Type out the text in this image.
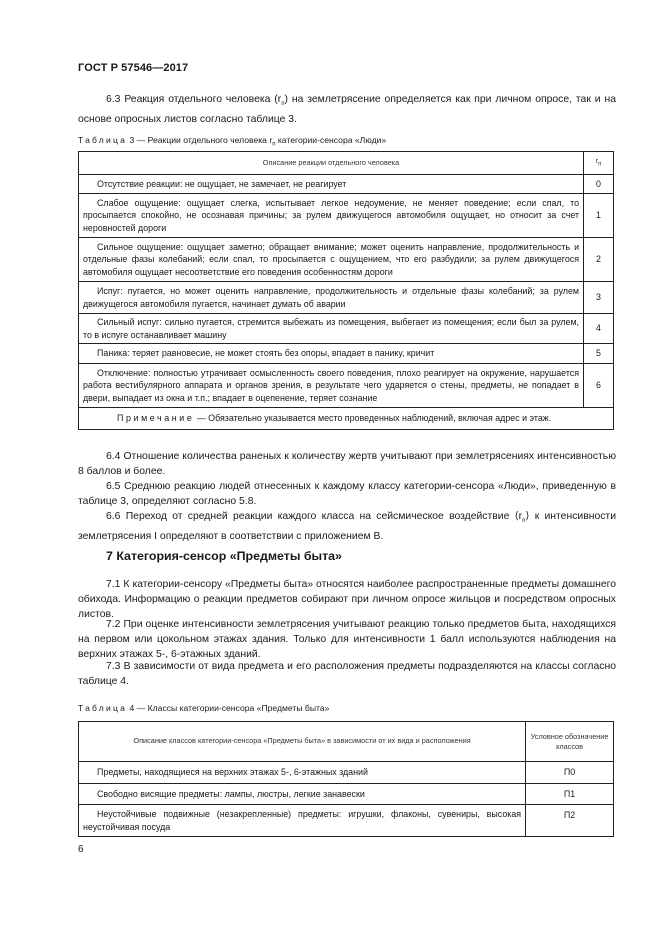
ГОСТ Р 57546—2017
6.3 Реакция отдельного человека $(r_п)$ на землетрясение определяется как при личном опросе, так и на основе опросных листов согласно таблице 3.
Таблица 3 — Реакции отдельного человека $r_п$ категории-сенсора «Люди»
Описание реакции отдельного человека	$r_п$

Отсутствие реакции: не ощущает, не замечает, не реагирует	0

Слабое ощущение: ощущает слегка, испытывает легкое недоумение, не меняет поведение; если спал, то просыпается спокойно, не осознавая причины; за рулем движущегося автомобиля ощущает, но относит за счет неровностей дороги	1

Сильное ощущение: ощущает заметно; обращает внимание; может оценить направление, продолжительность и отдельные фазы колебаний; если спал, то просыпается с ощущением, что его разбудили; за рулем движущегося автомобиля ощущает несоответствие его поведения особенностям дороги	2

Испуг: пугается, но может оценить направление, продолжительность и отдельные фазы колебаний; за рулем движущегося автомобиля пугается, начинает думать об аварии	3

Сильный испуг: сильно пугается, стремится выбежать из помещения, выбегает из помещения; если был за рулем, то в испуге останавливает машину	4

Паника: теряет равновесие, не может стоять без опоры, впадает в панику, кричит	5

Отключение: полностью утрачивает осмысленность своего поведения, плохо реагирует на окружение, нарушается работа вестибулярного аппарата и органов зрения, в результате чего ударяется о стены, предметы, не попадает в двери, выпадает из окна и т.п.; впадает в оцепенение, теряет сознание	6
Примечание — Обязательно указывается место проведенных наблюдений, включая адрес и этаж.	
6.4 Отношение количества раненых к количеству жертв учитывают при землетрясениях интенсивностью 8 баллов и более.
6.5 Среднюю реакцию людей отнесенных к каждому классу категории-сенсора «Люди», приведенную в таблице 3, определяют согласно 5.8.
6.6 Переход от средней реакции каждого класса на сейсмическое воздействие $⟨r_п⟩$ к интенсивности землетрясения I определяют в соответствии с приложением В.
7 Категория-сенсор «Предметы быта»
7.1 К категории-сенсору «Предметы быта» относятся наиболее распространенные предметы домашнего обихода. Информацию о реакции предметов собирают при личном опросе жильцов и посредством опросных листов.
7.2 При оценке интенсивности землетрясения учитывают реакцию только предметов быта, находящихся на первом или цокольном этажах здания. Только для интенсивности 1 балл используются наблюдения на верхних этажах 5-, 6-этажных зданий.
7.3 В зависимости от вида предмета и его расположения предметы подразделяются на классы согласно таблице 4.
Таблица 4 — Классы категории-сенсора «Предметы быта»
Описание классов категории-сенсора «Предметы быта» в зависимости от их вида и расположения	Условное обозначение классов

Предметы, находящиеся на верхних этажах 5-, 6-этажных зданий	П0

Свободно висящие предметы: лампы, люстры, легкие занавески	П1

Неустойчивые подвижные (незакрепленные) предметы: игрушки, флаконы, сувениры, высокая неустойчивая посуда	П2
6
